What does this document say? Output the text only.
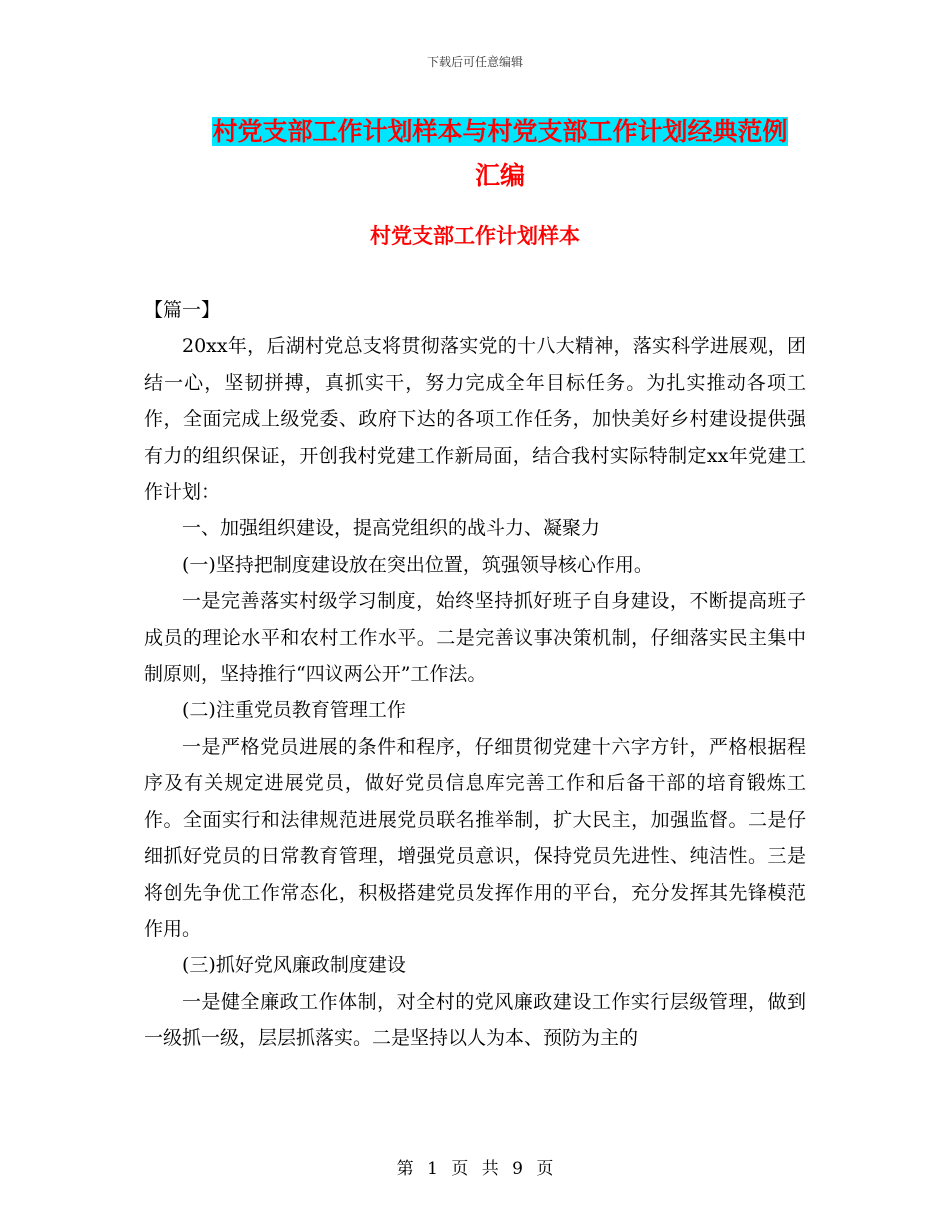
下载后可任意编辑
村党支部工作计划样本与村党支部工作计划经典范例
汇编
村党支部工作计划样本

【篇一】

20xx年，后湖村党总支将贯彻落实党的十八大精神，落实科学进展观，团结一心，坚韧拼搏，真抓实干，努力完成全年目标任务。为扎实推动各项工作，全面完成上级党委、政府下达的各项工作任务，加快美好乡村建设提供强有力的组织保证，开创我村党建工作新局面，结合我村实际特制定xx年党建工作计划：

一、加强组织建设，提高党组织的战斗力、凝聚力

(一)坚持把制度建设放在突出位置，筑强领导核心作用。

一是完善落实村级学习制度，始终坚持抓好班子自身建设，不断提高班子成员的理论水平和农村工作水平。二是完善议事决策机制，仔细落实民主集中制原则，坚持推行“四议两公开”工作法。

(二)注重党员教育管理工作

一是严格党员进展的条件和程序，仔细贯彻党建十六字方针，严格根据程序及有关规定进展党员，做好党员信息库完善工作和后备干部的培育锻炼工作。全面实行和法律规范进展党员联名推举制，扩大民主，加强监督。二是仔细抓好党员的日常教育管理，增强党员意识，保持党员先进性、纯洁性。三是将创先争优工作常态化，积极搭建党员发挥作用的平台，充分发挥其先锋模范作用。

(三)抓好党风廉政制度建设

一是健全廉政工作体制，对全村的党风廉政建设工作实行层级管理，做到一级抓一级，层层抓落实。二是坚持以人为本、预防为主的

第 1 页 共 9 页
